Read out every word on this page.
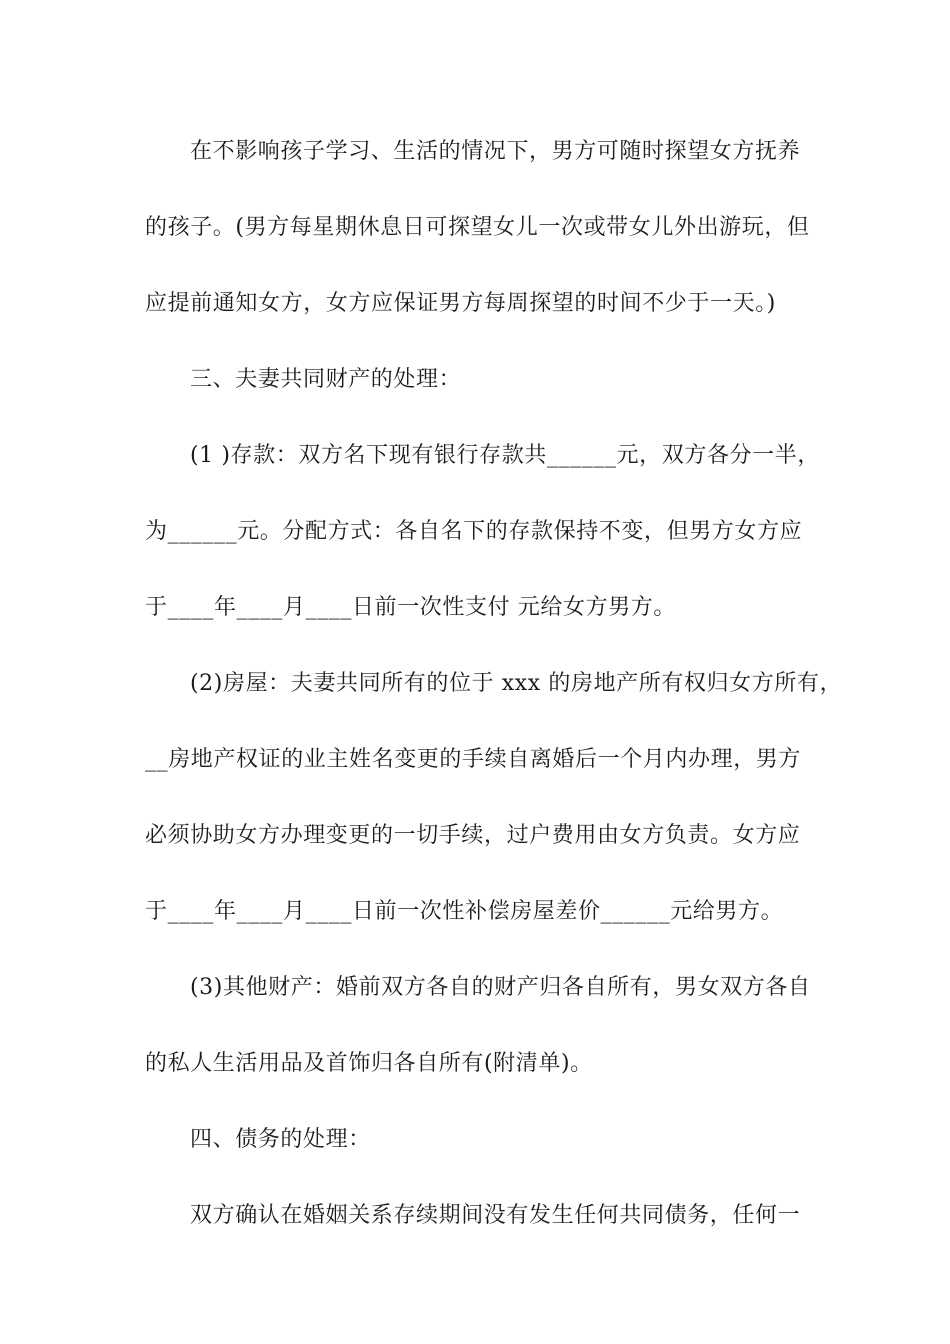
在不影响孩子学习、生活的情况下，男方可随时探望女方抚养
的孩子。(男方每星期休息日可探望女儿一次或带女儿外出游玩，但
应提前通知女方，女方应保证男方每周探望的时间不少于一天。)
三、夫妻共同财产的处理：
(1 )存款：双方名下现有银行存款共______元，双方各分一半，
为______元。分配方式：各自名下的存款保持不变，但男方女方应
于____年____月____日前一次性支付 元给女方男方。
(2)房屋：夫妻共同所有的位于 xxx 的房地产所有权归女方所有，
__房地产权证的业主姓名变更的手续自离婚后一个月内办理，男方
必须协助女方办理变更的一切手续，过户费用由女方负责。女方应
于____年____月____日前一次性补偿房屋差价______元给男方。
(3)其他财产：婚前双方各自的财产归各自所有，男女双方各自
的私人生活用品及首饰归各自所有(附清单)。
四、债务的处理：
双方确认在婚姻关系存续期间没有发生任何共同债务，任何一
